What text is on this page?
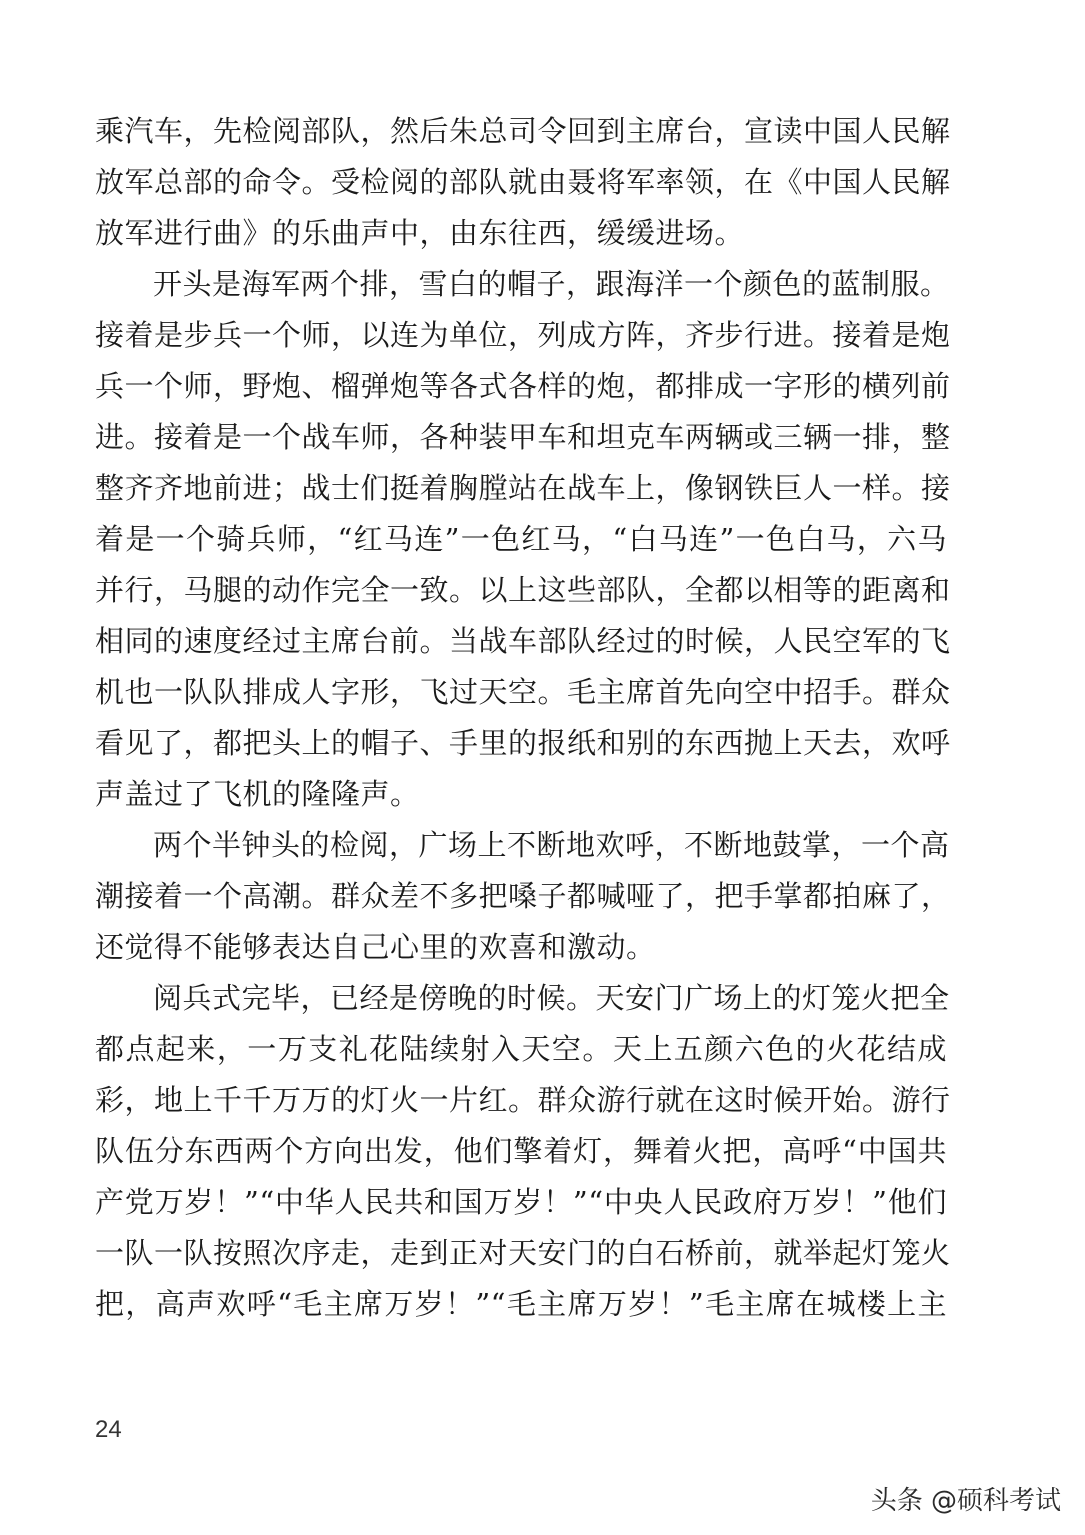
乘汽车，先检阅部队，然后朱总司令回到主席台，宣读中国人民解
放军总部的命令。受检阅的部队就由聂将军率领，在《中国人民解
放军进行曲》的乐曲声中，由东往西，缓缓进场。
开头是海军两个排，雪白的帽子，跟海洋一个颜色的蓝制服。
接着是步兵一个师，以连为单位，列成方阵，齐步行进。接着是炮
兵一个师，野炮、榴弹炮等各式各样的炮，都排成一字形的横列前
进。接着是一个战车师，各种装甲车和坦克车两辆或三辆一排，整
整齐齐地前进；战士们挺着胸膛站在战车上，像钢铁巨人一样。接
着是一个骑兵师，“红马连”一色红马，“白马连”一色白马，六马
并行，马腿的动作完全一致。以上这些部队，全都以相等的距离和
相同的速度经过主席台前。当战车部队经过的时候，人民空军的飞
机也一队队排成人字形，飞过天空。毛主席首先向空中招手。群众
看见了，都把头上的帽子、手里的报纸和别的东西抛上天去，欢呼
声盖过了飞机的隆隆声。
两个半钟头的检阅，广场上不断地欢呼，不断地鼓掌，一个高
潮接着一个高潮。群众差不多把嗓子都喊哑了，把手掌都拍麻了，
还觉得不能够表达自己心里的欢喜和激动。
阅兵式完毕，已经是傍晚的时候。天安门广场上的灯笼火把全
都点起来，一万支礼花陆续射入天空。天上五颜六色的火花结成
彩，地上千千万万的灯火一片红。群众游行就在这时候开始。游行
队伍分东西两个方向出发，他们擎着灯，舞着火把，高呼“中国共
产党万岁！”“中华人民共和国万岁！”“中央人民政府万岁！”他们
一队一队按照次序走，走到正对天安门的白石桥前，就举起灯笼火
把，高声欢呼“毛主席万岁！”“毛主席万岁！”毛主席在城楼上主
24
头条 @硕科考试
